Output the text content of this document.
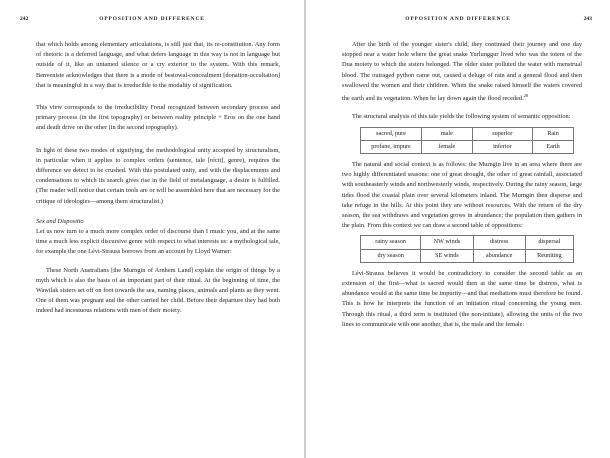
242	OPPOSITION AND DIFFERENCE

that which holds among elementary articulations, is still just that, its re-constitution. Any form of rhetoric is a deferred language, and what defers language in this way is not in language but outside of it, like an untamed silence or a cry exterior to the system. With this remark, Benveniste acknowledges that there is a mode of bestowal-concealment [donation-occultation] that is meaningful in a way that is irreducible to the modality of signification.

This view corresponds to the irreducibility Freud recognized between secondary process and primary process (in the first topography) or between reality principle + Eros on the one hand and death drive on the other (in the second topography).

In light of these two modes of signifying, the methodological unity accepted by structuralism, in particular when it applies to complex orders (sentence, tale [récit], genre), requires the difference we detect to be crushed. With this postulated unity, and with the displacements and condensations to which its search gives rise in the field of metalanguage, a desire is fulfilled. (The reader will notice that certain tools are or will be assembled here that are necessary for the critique of ideologies—among them structuralist.)

Sex and Dispositio

Let us now turn to a much more complex order of discourse than I music you, and at the same time a much less explicit discursive genre with respect to what interests us: a mythological tale, for example the one Lévi-Strauss borrows from an account by Lloyd Warner:

These North Australians [the Murngin of Arnhem Land] explain the origin of things by a myth which is also the basis of an important part of their ritual. At the beginning of time, the Wawilak sisters set off on foot towards the sea, naming places, animals and plants as they went. One of them was pregnant and the other carried her child. Before their departure they had both indeed had incestuous relations with men of their moiety.

OPPOSITION AND DIFFERENCE	243

After the birth of the younger sister's child, they continued their journey and one day stopped near a water hole where the great snake Yurlunggur lived who was the totem of the Dua moiety to which the sisters belonged. The older sister polluted the water with menstrual blood. The outraged python came out, caused a deluge of rain and a general flood and then swallowed the women and their children. When the snake raised himself the waters covered the earth and its vegetation. When he lay down again the flood receded.$^{28}$

The structural analysis of this tale yields the following system of semantic opposition:

sacred, pure	male	superior	Rain
profane, impure	female	inferior	Earth

The natural and social context is as follows: the Murngin live in an area where there are two highly differentiated seasons: one of great drought, the other of great rainfall, associated with southeasterly winds and northwesterly winds, respectively. During the rainy season, large tides flood the coastal plain over several kilometers inland. The Murngin then disperse and take refuge in the hills. At this point they are without resources. With the return of the dry season, the sea withdraws and vegetation grows in abundance; the population then gathers in the plain. From this context we can draw a second table of oppositions:

rainy season	NW winds	distress	dispersal
dry season	SE winds	abundance	Reuniting

Lévi-Strauss believes it would be contradictory to consider the second table as an extension of the first—what is sacred would then at the same time be distress, what is abundance would at the same time be impurity—and that mediations must therefore be found. This is how he interprets the function of an initiation ritual concerning the young men. Through this ritual, a third term is instituted (the non-initiate), allowing the units of the two lines to communicate with one another, that is, the male and the female:
